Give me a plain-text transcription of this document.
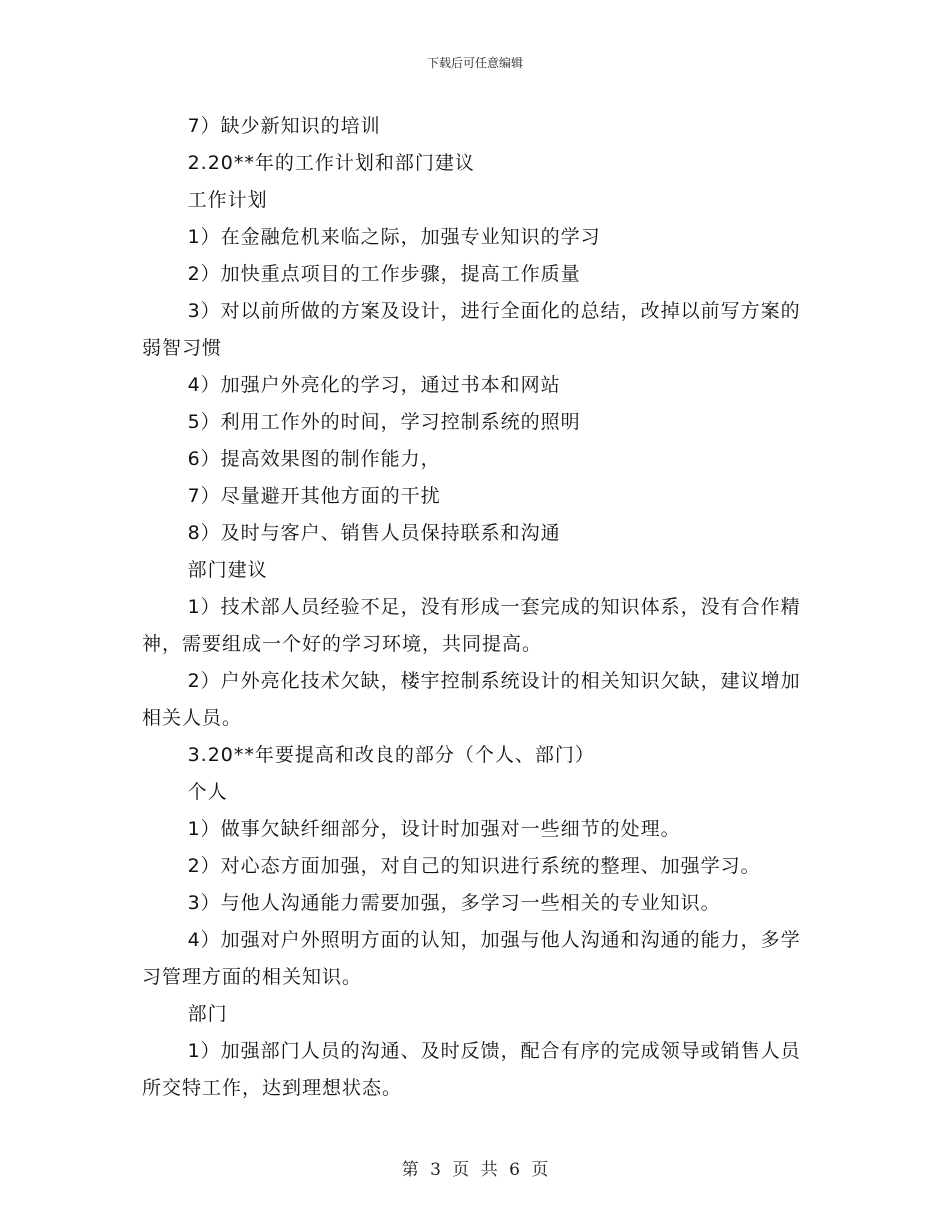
下载后可任意编辑

7）缺少新知识的培训

2.20**年的工作计划和部门建议

工作计划

1）在金融危机来临之际，加强专业知识的学习

2）加快重点项目的工作步骤，提高工作质量

3）对以前所做的方案及设计，进行全面化的总结，改掉以前写方案的弱智习惯

4）加强户外亮化的学习，通过书本和网站

5）利用工作外的时间，学习控制系统的照明

6）提高效果图的制作能力，

7）尽量避开其他方面的干扰

8）及时与客户、销售人员保持联系和沟通

部门建议

1）技术部人员经验不足，没有形成一套完成的知识体系，没有合作精神，需要组成一个好的学习环境，共同提高。

2）户外亮化技术欠缺，楼宇控制系统设计的相关知识欠缺，建议增加相关人员。

3.20**年要提高和改良的部分（个人、部门）

个人

1）做事欠缺纤细部分，设计时加强对一些细节的处理。

2）对心态方面加强，对自己的知识进行系统的整理、加强学习。

3）与他人沟通能力需要加强，多学习一些相关的专业知识。

4）加强对户外照明方面的认知，加强与他人沟通和沟通的能力，多学习管理方面的相关知识。

部门

1）加强部门人员的沟通、及时反馈，配合有序的完成领导或销售人员所交特工作，达到理想状态。

第 3 页 共 6 页
